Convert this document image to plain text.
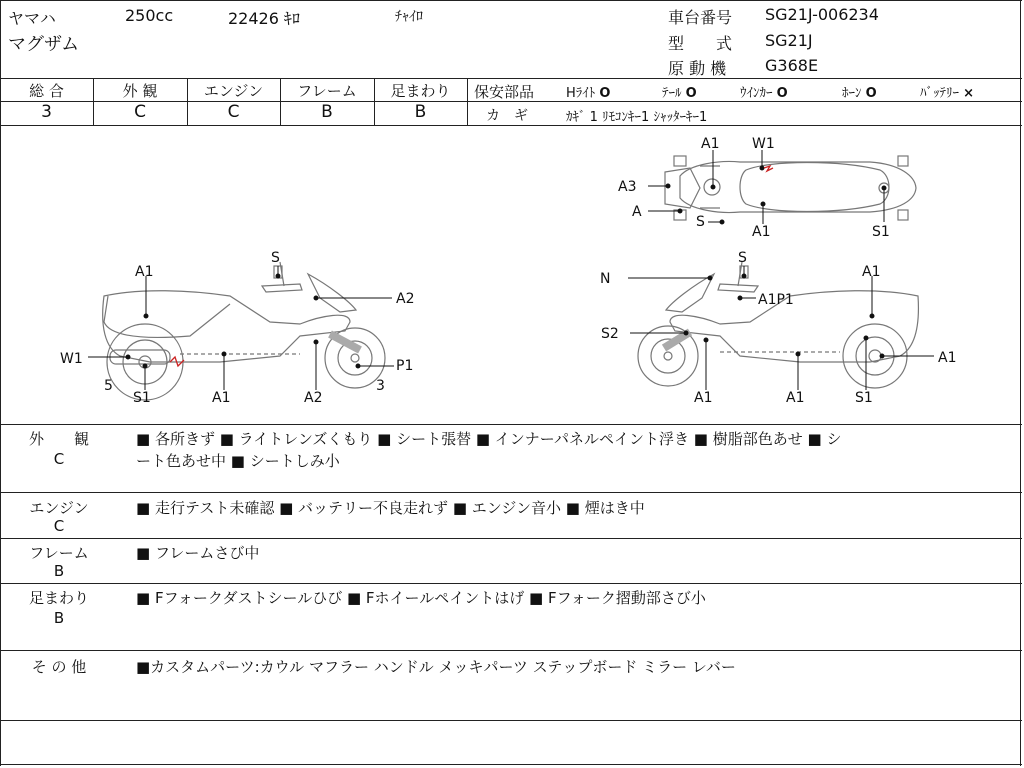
ヤマハ	250cc	22426 ｷﾛ	ﾁｬｲﾛ
マグザム
車台番号 SG21J-006234
型　　式 SG21J
原 動 機 G368E
総 合	外 観	エンジン	フレーム	足まわり
3	C	C	B	B
保安部品 Hﾗｲﾄ O	ﾃｰﾙ O	ｳｲﾝｶｰ O	ﾎｰﾝ O	ﾊﾞｯﾃﾘｰ ×
カ　ギ	ｶｷﾞ 1 ﾘﾓｺﾝｷｰ1 ｼｬｯﾀｰｷｰ1
A1 W1
A3
A
S
A1	S1
S
A1
A2
W1	P1
5
S1	A1	A2
3
S
N	A1
A1P1
S2
A1
A1	A1	S1
外　　観
C
■ 各所きず ■ ライトレンズくもり ■ シート張替 ■ インナーパネルペイント浮き ■ 樹脂部色あせ ■ シ
ート色あせ中 ■ シートしみ小
エンジン
C
■ 走行テスト未確認 ■ バッテリー不良走れず ■ エンジン音小 ■ 煙はき中
フレーム
B
■ フレームさび中
足まわり
B
■ Fフォークダストシールひび ■ Fホイールペイントはげ ■ Fフォーク摺動部さび小
そ の 他	■カスタムパーツ:カウル マフラー ハンドル メッキパーツ ステップボード ミラー レバー
